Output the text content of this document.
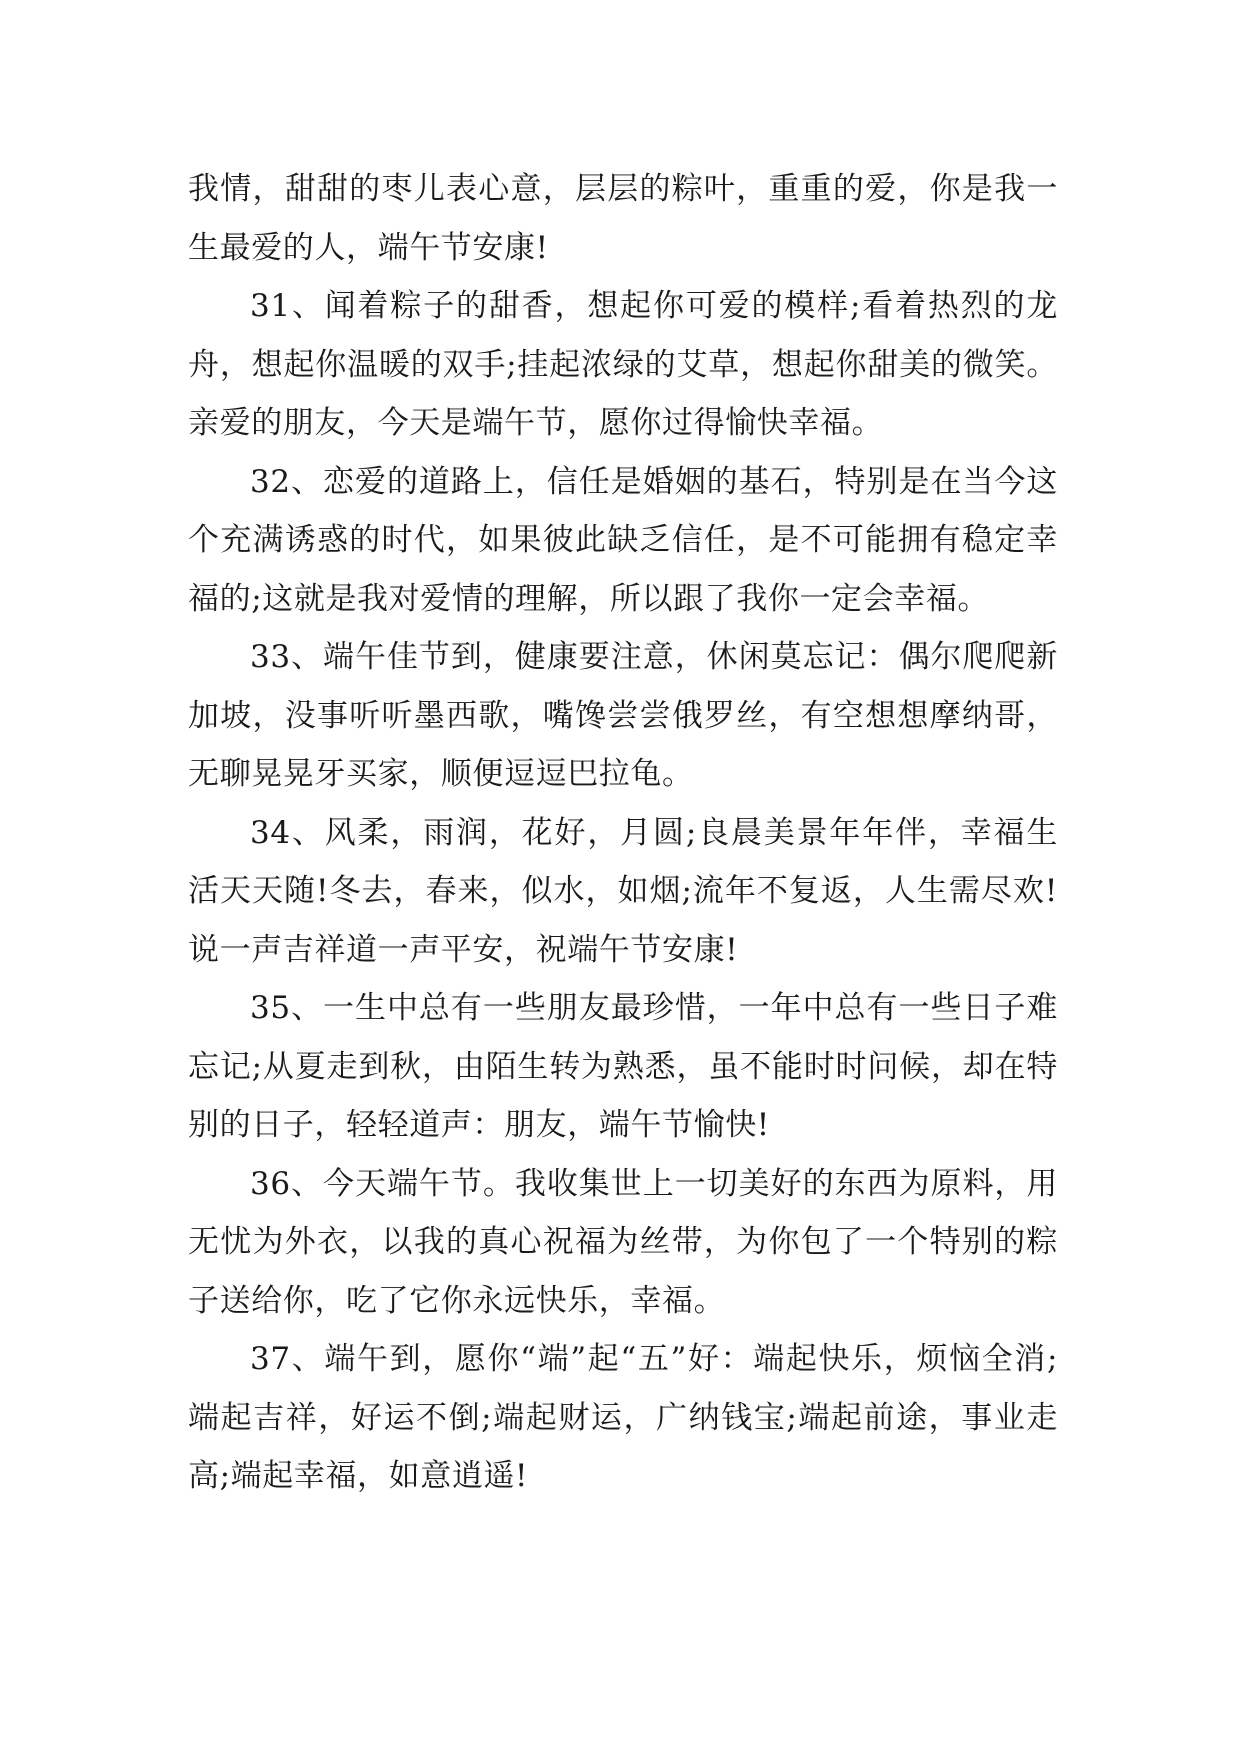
我情，甜甜的枣儿表心意，层层的粽叶，重重的爱，你是我一生最爱的人，端午节安康!

31、闻着粽子的甜香，想起你可爱的模样;看着热烈的龙舟，想起你温暖的双手;挂起浓绿的艾草，想起你甜美的微笑。亲爱的朋友，今天是端午节，愿你过得愉快幸福。

32、恋爱的道路上，信任是婚姻的基石，特别是在当今这个充满诱惑的时代，如果彼此缺乏信任，是不可能拥有稳定幸福的;这就是我对爱情的理解，所以跟了我你一定会幸福。

33、端午佳节到，健康要注意，休闲莫忘记：偶尔爬爬新加坡，没事听听墨西歌，嘴馋尝尝俄罗丝，有空想想摩纳哥，无聊晃晃牙买家，顺便逗逗巴拉龟。

34、风柔，雨润，花好，月圆;良晨美景年年伴，幸福生活天天随!冬去，春来，似水，如烟;流年不复返，人生需尽欢!说一声吉祥道一声平安，祝端午节安康!

35、一生中总有一些朋友最珍惜，一年中总有一些日子难忘记;从夏走到秋，由陌生转为熟悉，虽不能时时问候，却在特别的日子，轻轻道声：朋友，端午节愉快!

36、今天端午节。我收集世上一切美好的东西为原料，用无忧为外衣，以我的真心祝福为丝带，为你包了一个特别的粽子送给你，吃了它你永远快乐，幸福。

37、端午到，愿你“端”起“五”好：端起快乐，烦恼全消;端起吉祥，好运不倒;端起财运，广纳钱宝;端起前途，事业走高;端起幸福，如意逍遥!
